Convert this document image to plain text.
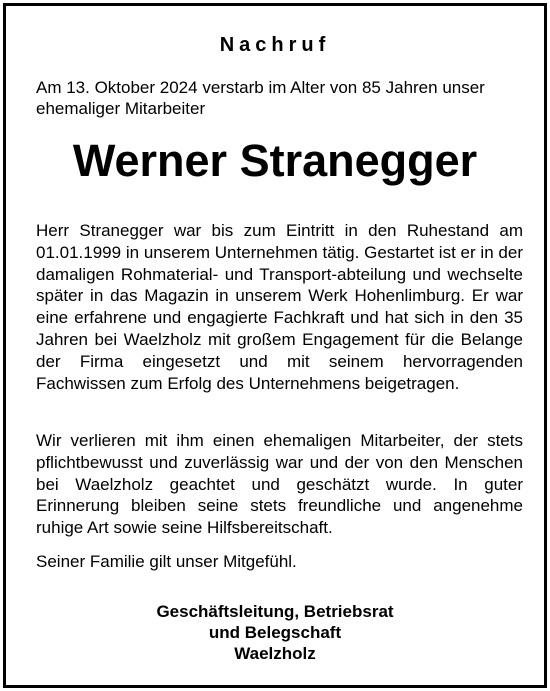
Nachruf

Am 13. Oktober 2024 verstarb im Alter von 85 Jahren unser ehemaliger Mitarbeiter

Werner Stranegger

Herr Stranegger war bis zum Eintritt in den Ruhestand am 01.01.1999 in unserem Unternehmen tätig. Gestartet ist er in der damaligen Rohmaterial- und Transport-abteilung und wechselte später in das Magazin in unserem Werk Hohenlimburg. Er war eine erfahrene und engagierte Fachkraft und hat sich in den 35 Jahren bei Waelzholz mit großem Engagement für die Belange der Firma eingesetzt und mit seinem hervorragenden Fachwissen zum Erfolg des Unternehmens beigetragen.

Wir verlieren mit ihm einen ehemaligen Mitarbeiter, der stets pflichtbewusst und zuverlässig war und der von den Menschen bei Waelzholz geachtet und geschätzt wurde. In guter Erinnerung bleiben seine stets freundliche und angenehme ruhige Art sowie seine Hilfsbereitschaft.

Seiner Familie gilt unser Mitgefühl.

Geschäftsleitung, Betriebsrat
und Belegschaft
Waelzholz
